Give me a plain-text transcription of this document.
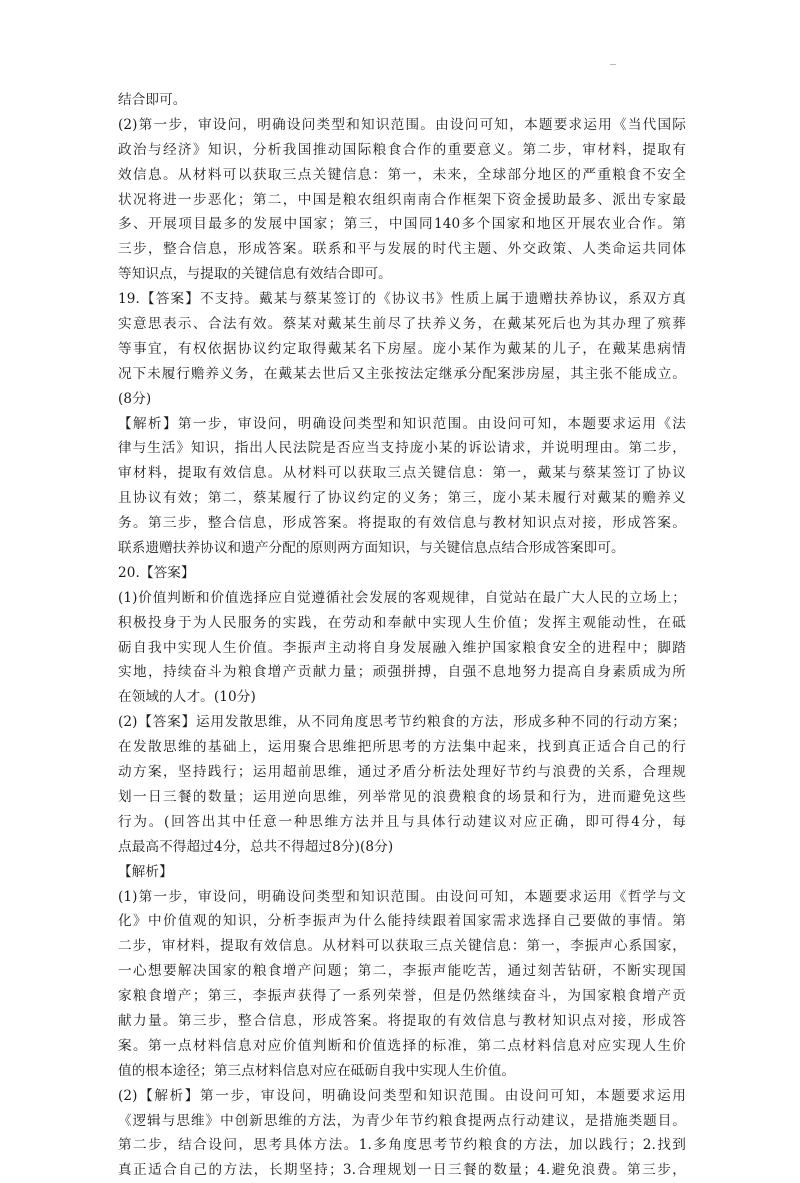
结合即可。
(2)第一步，审设问，明确设问类型和知识范围。由设问可知，本题要求运用《当代国际
政治与经济》知识，分析我国推动国际粮食合作的重要意义。第二步，审材料，提取有
效信息。从材料可以获取三点关键信息：第一，未来，全球部分地区的严重粮食不安全
状况将进一步恶化；第二，中国是粮农组织南南合作框架下资金援助最多、派出专家最
多、开展项目最多的发展中国家；第三，中国同140多个国家和地区开展农业合作。第
三步，整合信息，形成答案。联系和平与发展的时代主题、外交政策、人类命运共同体
等知识点，与提取的关键信息有效结合即可。
19.【答案】不支持。戴某与蔡某签订的《协议书》性质上属于遗赠扶养协议，系双方真
实意思表示、合法有效。蔡某对戴某生前尽了扶养义务，在戴某死后也为其办理了殡葬
等事宜，有权依据协议约定取得戴某名下房屋。庞小某作为戴某的儿子，在戴某患病情
况下未履行赡养义务，在戴某去世后又主张按法定继承分配案涉房屋，其主张不能成立。
(8分)
【解析】第一步，审设问，明确设问类型和知识范围。由设问可知，本题要求运用《法
律与生活》知识，指出人民法院是否应当支持庞小某的诉讼请求，并说明理由。第二步，
审材料，提取有效信息。从材料可以获取三点关键信息：第一，戴某与蔡某签订了协议
且协议有效；第二，蔡某履行了协议约定的义务；第三，庞小某未履行对戴某的赡养义
务。第三步，整合信息，形成答案。将提取的有效信息与教材知识点对接，形成答案。
联系遗赠扶养协议和遗产分配的原则两方面知识，与关键信息点结合形成答案即可。
20.【答案】
(1)价值判断和价值选择应自觉遵循社会发展的客观规律，自觉站在最广大人民的立场上；
积极投身于为人民服务的实践，在劳动和奉献中实现人生价值；发挥主观能动性，在砥
砺自我中实现人生价值。李振声主动将自身发展融入维护国家粮食安全的进程中；脚踏
实地，持续奋斗为粮食增产贡献力量；顽强拼搏，自强不息地努力提高自身素质成为所
在领域的人才。(10分)
(2)【答案】运用发散思维，从不同角度思考节约粮食的方法，形成多种不同的行动方案；
在发散思维的基础上，运用聚合思维把所思考的方法集中起来，找到真正适合自己的行
动方案，坚持践行；运用超前思维，通过矛盾分析法处理好节约与浪费的关系，合理规
划一日三餐的数量；运用逆向思维，列举常见的浪费粮食的场景和行为，进而避免这些
行为。(回答出其中任意一种思维方法并且与具体行动建议对应正确，即可得4分，每
点最高不得超过4分，总共不得超过8分)(8分)
【解析】
(1)第一步，审设问，明确设问类型和知识范围。由设问可知，本题要求运用《哲学与文
化》中价值观的知识，分析李振声为什么能持续跟着国家需求选择自己要做的事情。第
二步，审材料，提取有效信息。从材料可以获取三点关键信息：第一，李振声心系国家，
一心想要解决国家的粮食增产问题；第二，李振声能吃苦，通过刻苦钻研，不断实现国
家粮食增产；第三，李振声获得了一系列荣誉，但是仍然继续奋斗，为国家粮食增产贡
献力量。第三步，整合信息，形成答案。将提取的有效信息与教材知识点对接，形成答
案。第一点材料信息对应价值判断和价值选择的标准，第二点材料信息对应实现人生价
值的根本途径；第三点材料信息对应在砥砺自我中实现人生价值。
(2)【解析】第一步，审设问，明确设问类型和知识范围。由设问可知，本题要求运用
《逻辑与思维》中创新思维的方法，为青少年节约粮食提两点行动建议，是措施类题目。
第二步，结合设问，思考具体方法。1.多角度思考节约粮食的方法，加以践行；2.找到
真正适合自己的方法，长期坚持；3.合理规划一日三餐的数量；4.避免浪费。第三步，
